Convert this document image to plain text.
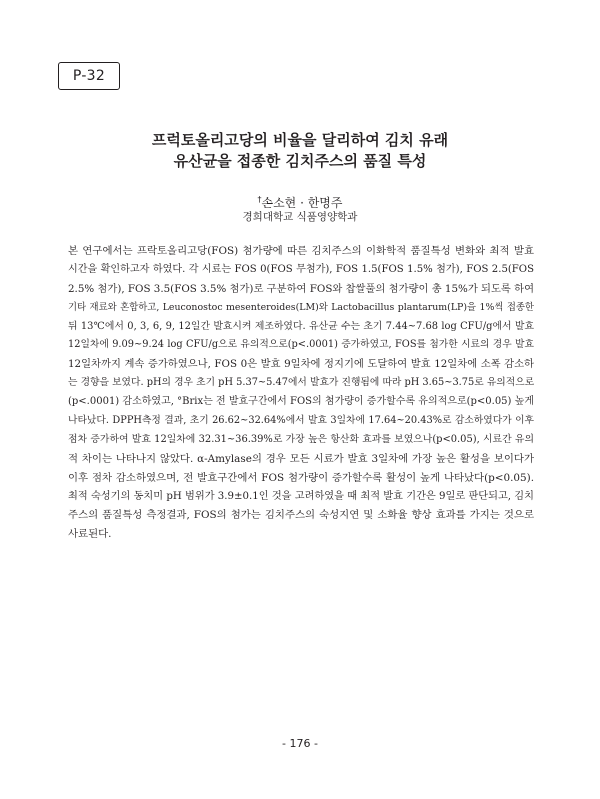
P-32
프럭토올리고당의 비율을 달리하여 김치 유래
유산균을 접종한 김치주스의 품질 특성
†손소현 · 한명주
경희대학교 식품영양학과
본 연구에서는 프락토올리고당(FOS) 첨가량에 따른 김치주스의 이화학적 품질특성 변화와 최적 발효
시간을 확인하고자 하였다. 각 시료는 FOS 0(FOS 무첨가), FOS 1.5(FOS 1.5% 첨가), FOS 2.5(FOS
2.5% 첨가), FOS 3.5(FOS 3.5% 첨가)로 구분하여 FOS와 찹쌀풀의 첨가량이 총 15%가 되도록 하여
기타 재료와 혼합하고, Leuconostoc mesenteroides(LM)와 Lactobacillus plantarum(LP)을 1%씩 접종한
뒤 13℃에서 0, 3, 6, 9, 12일간 발효시켜 제조하였다. 유산균 수는 초기 7.44~7.68 log CFU/g에서 발효
12일차에 9.09~9.24 log CFU/g으로 유의적으로(p<.0001) 증가하였고, FOS를 첨가한 시료의 경우 발효
12일차까지 계속 증가하였으나, FOS 0은 발효 9일차에 정지기에 도달하여 발효 12일차에 소폭 감소하
는 경향을 보였다. pH의 경우 초기 pH 5.37~5.47에서 발효가 진행됨에 따라 pH 3.65~3.75로 유의적으로
(p<.0001) 감소하였고, °Brix는 전 발효구간에서 FOS의 첨가량이 증가할수록 유의적으로(p<0.05) 높게
나타났다. DPPH측정 결과, 초기 26.62~32.64%에서 발효 3일차에 17.64~20.43%로 감소하였다가 이후
점차 증가하여 발효 12일차에 32.31~36.39%로 가장 높은 항산화 효과를 보였으나(p<0.05), 시료간 유의
적 차이는 나타나지 않았다. α-Amylase의 경우 모든 시료가 발효 3일차에 가장 높은 활성을 보이다가
이후 점차 감소하였으며, 전 발효구간에서 FOS 첨가량이 증가할수록 활성이 높게 나타났다(p<0.05).
최적 숙성기의 동치미 pH 범위가 3.9±0.1인 것을 고려하였을 때 최적 발효 기간은 9일로 판단되고, 김치
주스의 품질특성 측정결과, FOS의 첨가는 김치주스의 숙성지연 및 소화율 향상 효과를 가지는 것으로
사료된다.
- 176 -
